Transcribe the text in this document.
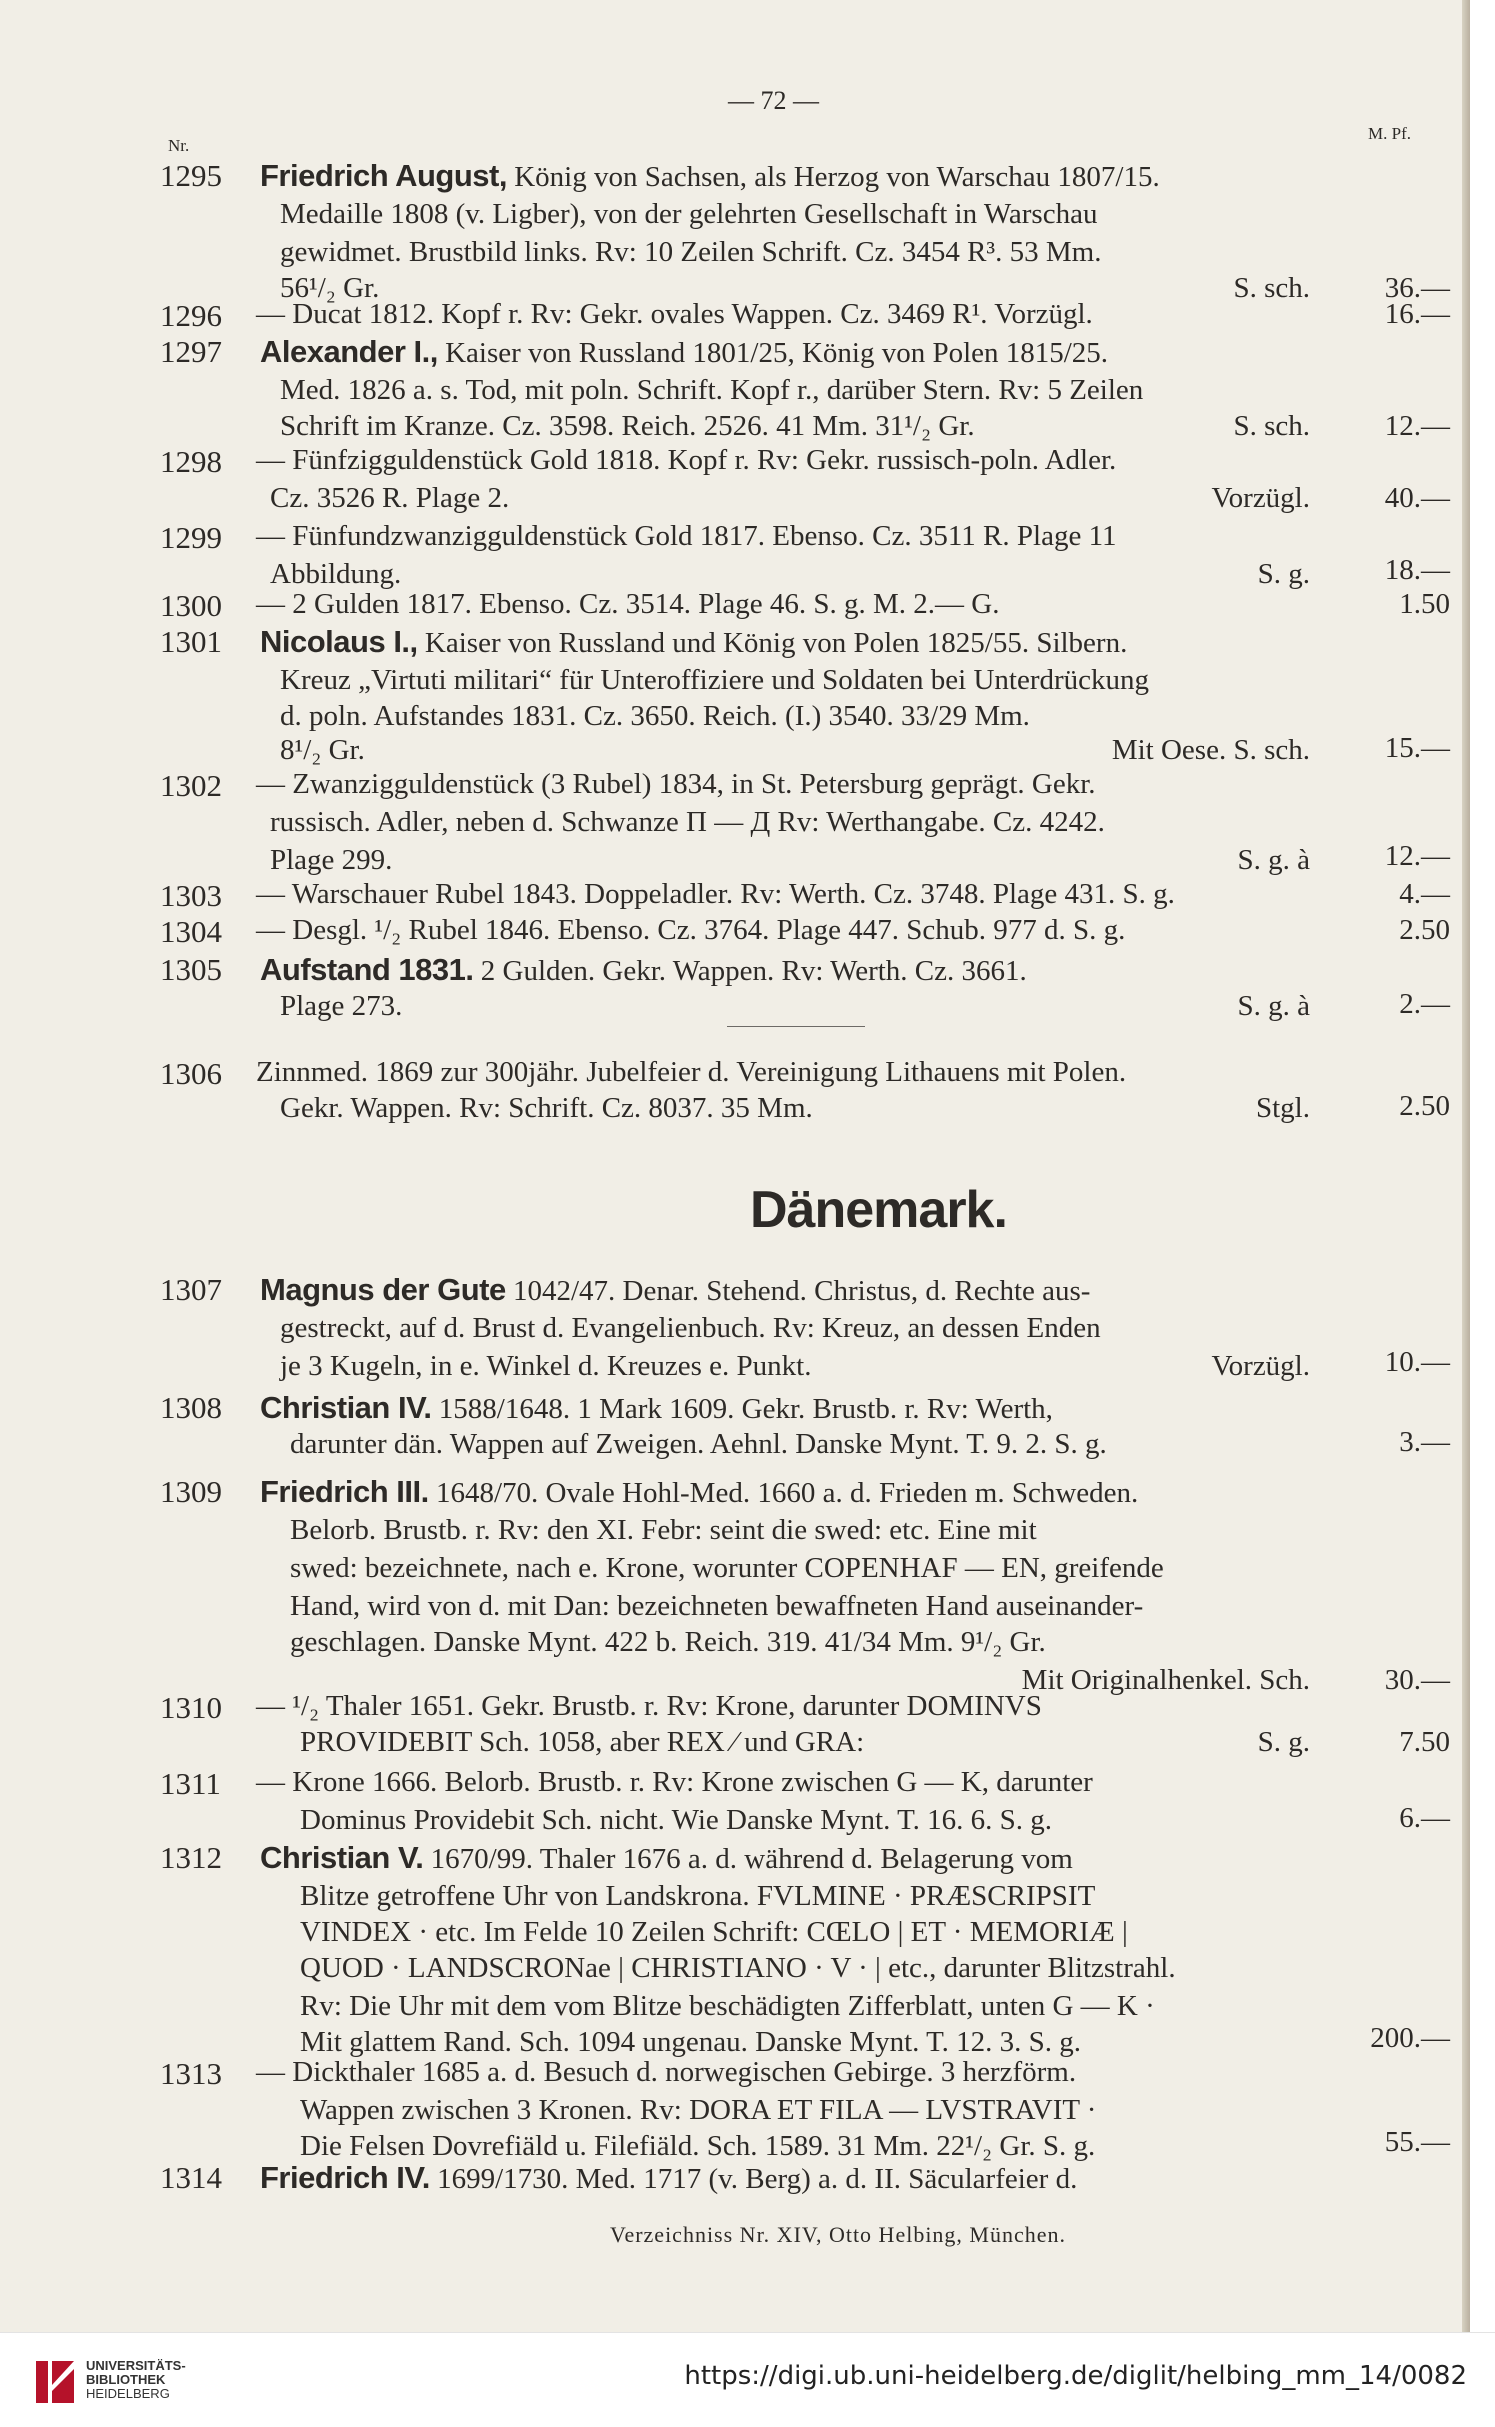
— 72 —
Nr.
M. Pf.
1295 Friedrich August, König von Sachsen, als Herzog von Warschau 1807/15.
Medaille 1808 (v. Ligber), von der gelehrten Gesellschaft in Warschau
gewidmet. Brustbild links. Rv: 10 Zeilen Schrift. Cz. 3454 R³. 53 Mm.
56¹/₂ Gr.	S. sch.	36.—
1296 — Ducat 1812. Kopf r. Rv: Gekr. ovales Wappen. Cz. 3469 R¹. Vorzügl.	16.—
1297 Alexander I., Kaiser von Russland 1801/25, König von Polen 1815/25.
Med. 1826 a. s. Tod, mit poln. Schrift. Kopf r., darüber Stern. Rv: 5 Zeilen
Schrift im Kranze. Cz. 3598. Reich. 2526. 41 Mm. 31¹/₂ Gr.	S. sch.	12.—
1298 — Fünfzigguldenstück Gold 1818. Kopf r. Rv: Gekr. russisch-poln. Adler.
Cz. 3526 R. Plage 2.	Vorzügl.	40.—
1299 — Fünfundzwanzigguldenstück Gold 1817. Ebenso. Cz. 3511 R. Plage 11
Abbildung.	S. g.	18.—
1300 — 2 Gulden 1817. Ebenso. Cz. 3514. Plage 46. S. g. M. 2.— G.	1.50
1301 Nicolaus I., Kaiser von Russland und König von Polen 1825/55. Silbern.
Kreuz „Virtuti militari“ für Unteroffiziere und Soldaten bei Unterdrückung
d. poln. Aufstandes 1831. Cz. 3650. Reich. (I.) 3540. 33/29 Mm.
8¹/₂ Gr.	Mit Oese. S. sch.	15.—
1302 — Zwanzigguldenstück (3 Rubel) 1834, in St. Petersburg geprägt. Gekr.
russisch. Adler, neben d. Schwanze П — Д Rv: Werthangabe. Cz. 4242.
Plage 299.	S. g. à	12.—
1303 — Warschauer Rubel 1843. Doppeladler. Rv: Werth. Cz. 3748. Plage 431. S. g.	4.—
1304 — Desgl. ¹/₂ Rubel 1846. Ebenso. Cz. 3764. Plage 447. Schub. 977 d. S. g.	2.50
1305 Aufstand 1831. 2 Gulden. Gekr. Wappen. Rv: Werth. Cz. 3661.
Plage 273.	S. g. à	2.—
1306 Zinnmed. 1869 zur 300jähr. Jubelfeier d. Vereinigung Lithauens mit Polen.
Gekr. Wappen. Rv: Schrift. Cz. 8037. 35 Mm.	Stgl.	2.50
Dänemark.
1307 Magnus der Gute 1042/47. Denar. Stehend. Christus, d. Rechte aus-
gestreckt, auf d. Brust d. Evangelienbuch. Rv: Kreuz, an dessen Enden
je 3 Kugeln, in e. Winkel d. Kreuzes e. Punkt.	Vorzügl.	10.—
1308 Christian IV. 1588/1648. 1 Mark 1609. Gekr. Brustb. r. Rv: Werth,
darunter dän. Wappen auf Zweigen. Aehnl. Danske Mynt. T. 9. 2. S. g.	3.—
1309 Friedrich III. 1648/70. Ovale Hohl-Med. 1660 a. d. Frieden m. Schweden.
Belorb. Brustb. r. Rv: den XI. Febr: seint die swed: etc. Eine mit
swed: bezeichnete, nach e. Krone, worunter COPENHAF — EN, greifende
Hand, wird von d. mit Dan: bezeichneten bewaffneten Hand auseinander-
geschlagen. Danske Mynt. 422 b. Reich. 319. 41/34 Mm. 9¹/₂ Gr.
Mit Originalhenkel. Sch.	30.—
1310 — ¹/₂ Thaler 1651. Gekr. Brustb. r. Rv: Krone, darunter DOMINVS
PROVIDEBIT Sch. 1058, aber REX ⁄ und GRA:	S. g.	7.50
1311 — Krone 1666. Belorb. Brustb. r. Rv: Krone zwischen G — K, darunter
Dominus Providebit Sch. nicht. Wie Danske Mynt. T. 16. 6. S. g.	6.—
1312 Christian V. 1670/99. Thaler 1676 a. d. während d. Belagerung vom
Blitze getroffene Uhr von Landskrona. FVLMINE · PRÆSCRIPSIT
VINDEX · etc. Im Felde 10 Zeilen Schrift: CŒLO | ET · MEMORIÆ |
QUOD · LANDSCRONae | CHRISTIANO · V · | etc., darunter Blitzstrahl.
Rv: Die Uhr mit dem vom Blitze beschädigten Zifferblatt, unten G — K ·
Mit glattem Rand. Sch. 1094 ungenau. Danske Mynt. T. 12. 3. S. g.	200.—
1313 — Dickthaler 1685 a. d. Besuch d. norwegischen Gebirge. 3 herzförm.
Wappen zwischen 3 Kronen. Rv: DORA ET FILA — LVSTRAVIT ·
Die Felsen Dovrefiäld u. Filefiäld. Sch. 1589. 31 Mm. 22¹/₂ Gr. S. g.	55.—
1314 Friedrich IV. 1699/1730. Med. 1717 (v. Berg) a. d. II. Säcularfeier d.
Verzeichniss Nr. XIV, Otto Helbing, München.
UNIVERSITÄTS-
BIBLIOTHEK
HEIDELBERG
https://digi.ub.uni-heidelberg.de/diglit/helbing_mm_14/0082
